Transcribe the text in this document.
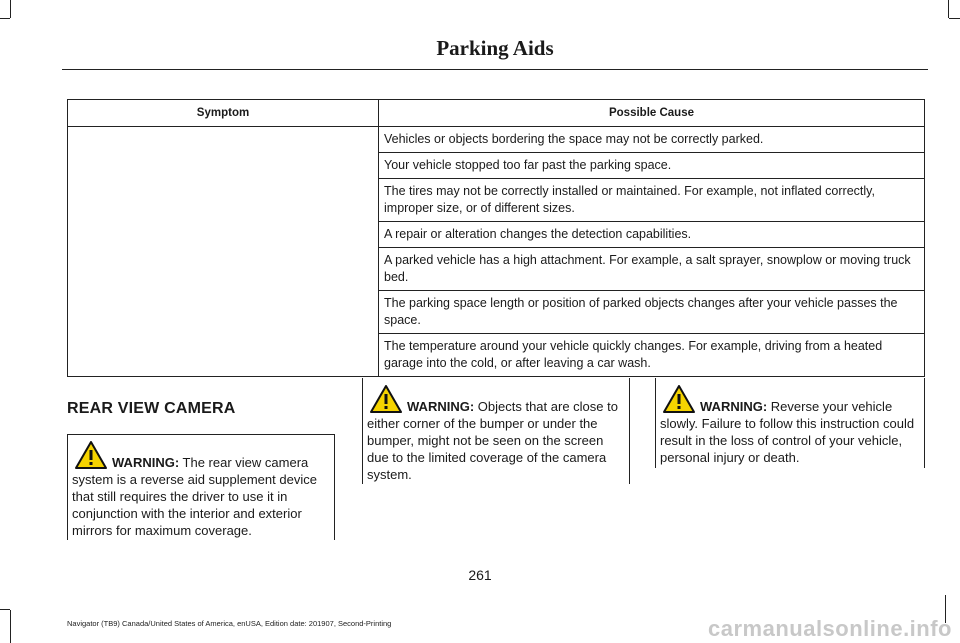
Parking Aids
Symptom	Possible Cause
	Vehicles or objects bordering the space may not be correctly parked.
	Your vehicle stopped too far past the parking space.
	The tires may not be correctly installed or maintained. For example, not inflated correctly, improper size, or of different sizes.
	A repair or alteration changes the detection capabilities.
	A parked vehicle has a high attachment. For example, a salt sprayer, snowplow or moving truck bed.
	The parking space length or position of parked objects changes after your vehicle passes the space.
	The temperature around your vehicle quickly changes. For example, driving from a heated garage into the cold, or after leaving a car wash.
REAR VIEW CAMERA

WARNING: The rear view camera system is a reverse aid supplement device that still requires the driver to use it in conjunction with the interior and exterior mirrors for maximum coverage.

WARNING: Objects that are close to either corner of the bumper or under the bumper, might not be seen on the screen due to the limited coverage of the camera system.

WARNING: Reverse your vehicle slowly. Failure to follow this instruction could result in the loss of control of your vehicle, personal injury or death.

261
Navigator (TB9) Canada/United States of America, enUSA, Edition date: 201907, Second-Printing	carmanualsonline.info
